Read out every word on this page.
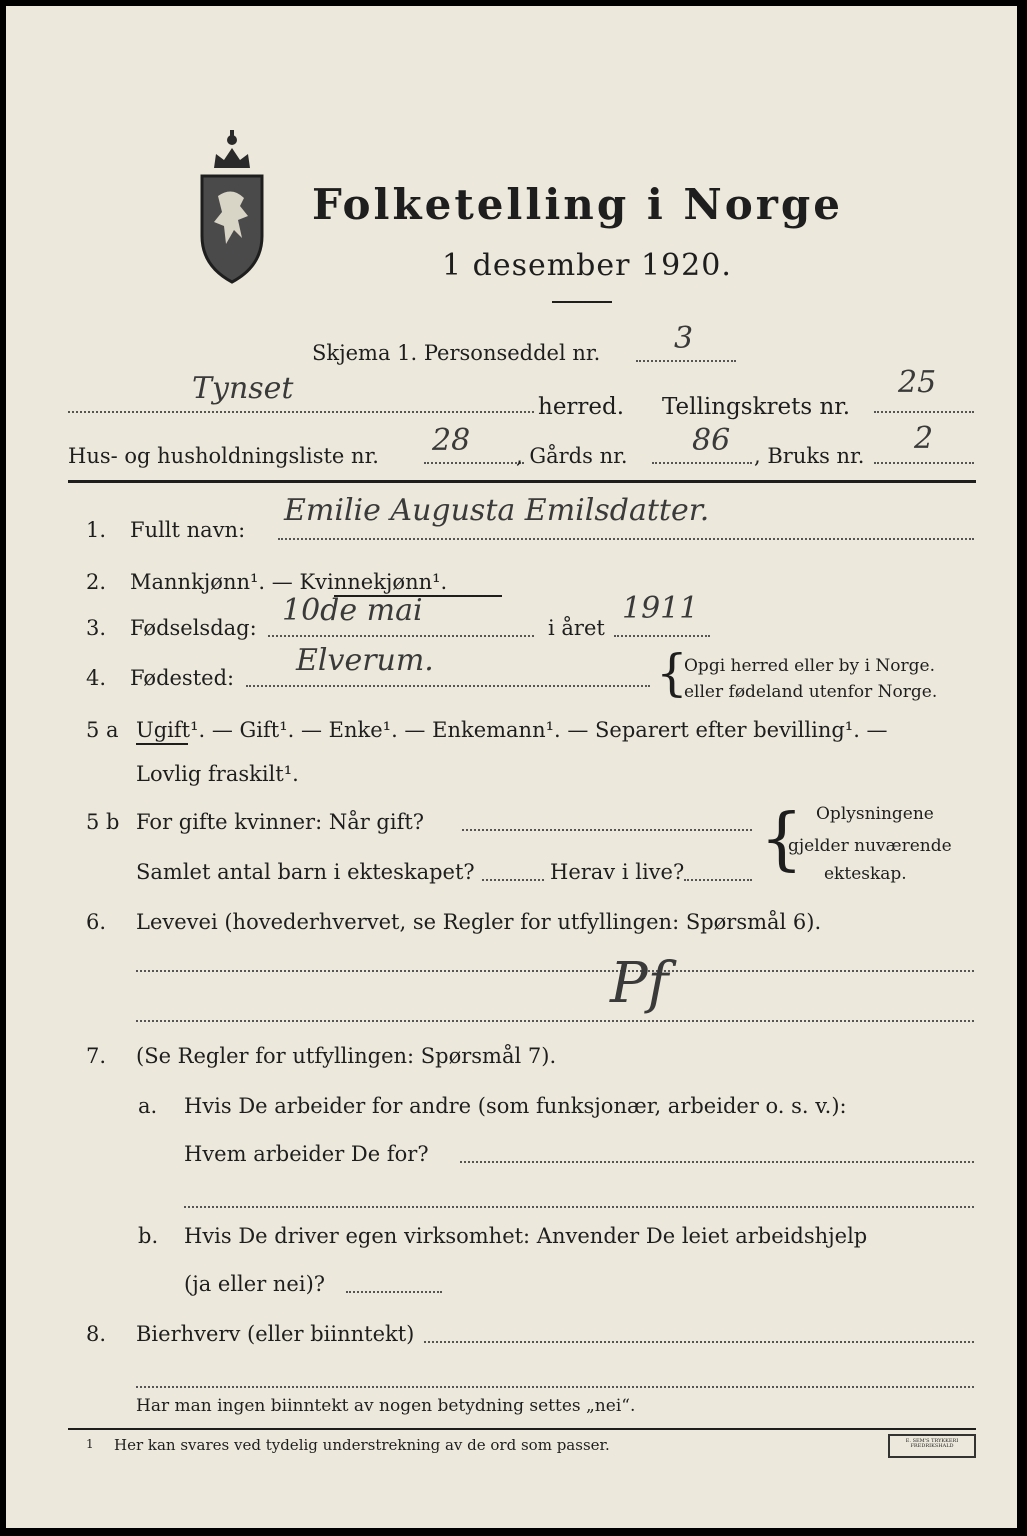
Folketelling i Norge
1 desember 1920.
Skjema 1. Personseddel nr. 3
Tynset
herred. Tellingskrets nr.
25
Hus- og husholdningsliste nr. 28 , Gårds nr. 86 , Bruks nr. 2
1. Fullt navn:
Emilie Augusta Emilsdatter.
2. Mannkjønn¹. — Kvinnekjønn¹.
3. Fødselsdag: 10de mai	i året
1911
4. Fødested: Elverum.	{
Opgi herred eller by i Norge.
eller fødeland utenfor Norge.
5 a Ugift¹. — Gift¹. — Enke¹. — Enkemann¹. — Separert efter bevilling¹. —
Lovlig fraskilt¹.
5 b For gifte kvinner: Når gift?
Samlet antal barn i ekteskapet?	Herav i live? { Oplysningene
gjelder nuværende
ekteskap.
6. Levevei (hovederhvervet, se Regler for utfyllingen: Spørsmål 6).
Pf
7. (Se Regler for utfyllingen: Spørsmål 7).
a. Hvis De arbeider for andre (som funksjonær, arbeider o. s. v.):
Hvem arbeider De for?
b. Hvis De driver egen virksomhet: Anvender De leiet arbeidshjelp
(ja eller nei)?
8. Bierhverv (eller biinntekt)
Har man ingen biinntekt av nogen betydning settes „nei“.
1 Her kan svares ved tydelig understrekning av de ord som passer.	E. SEM'S TRYKKERI FREDRIKSHALD
